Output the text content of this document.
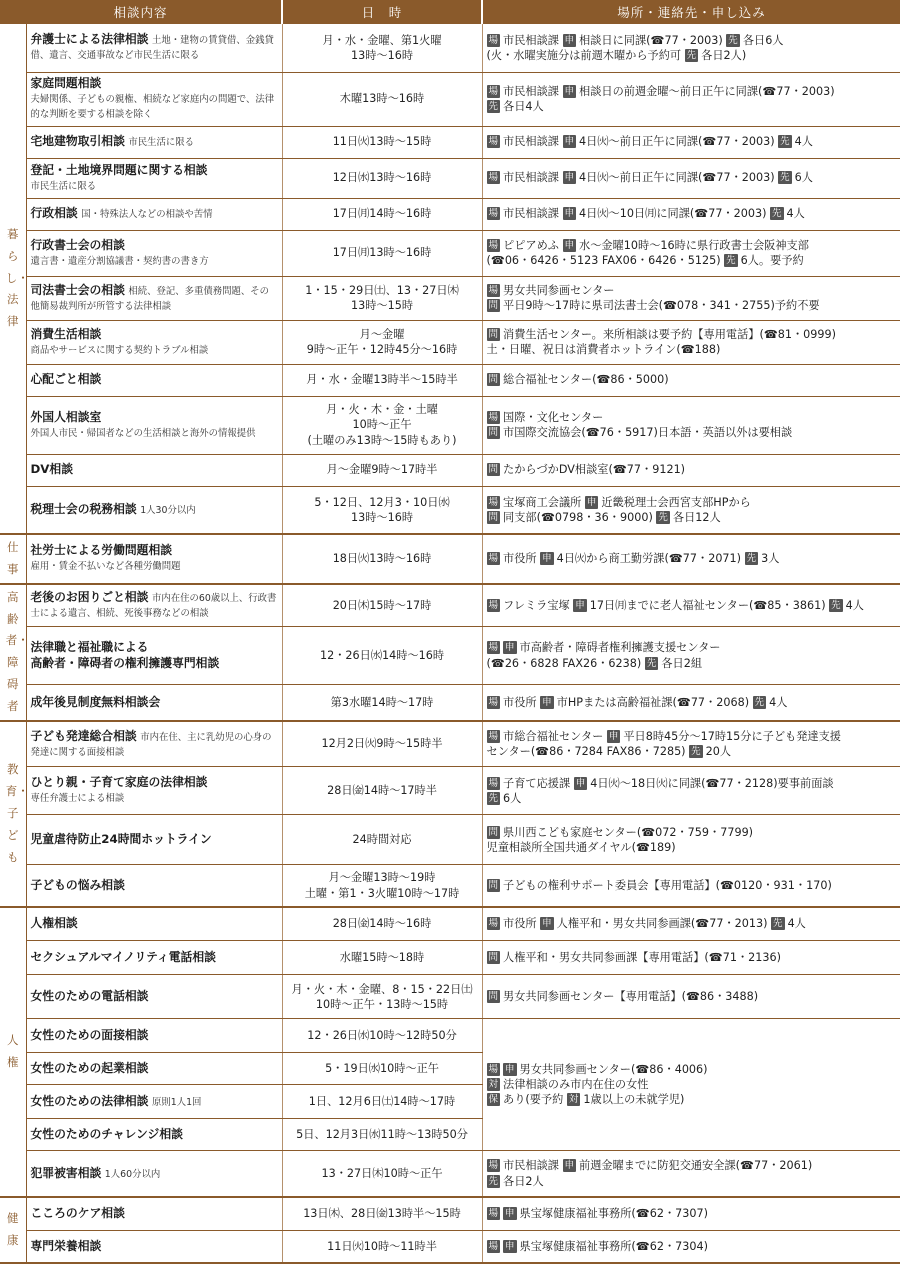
相談内容		日　時	場所・連絡先・申し込み
暮らし・法律	弁護士による法律相談 土地・建物の賃貸借、金銭貸借、遺言、交通事故など市民生活に限る	月・水・金曜、第1火曜
13時～16時	場 市民相談課 申 相談日に同課(☎77・2003) 先 各日6人
(火・水曜実施分は前週木曜から予約可 先 各日2人)

	家庭問題相談
夫婦関係、子どもの親権、相続など家庭内の問題で、法律的な判断を要する相談を除く	木曜13時～16時	場 市民相談課 申 相談日の前週金曜～前日正午に同課(☎77・2003)
先 各日4人

	宅地建物取引相談 市民生活に限る	11日㈫13時～15時	場 市民相談課 申 4日㈫～前日正午に同課(☎77・2003) 先 4人

	登記・土地境界問題に関する相談
市民生活に限る	12日㈬13時～16時	場 市民相談課 申 4日㈫～前日正午に同課(☎77・2003) 先 6人

	行政相談 国・特殊法人などの相談や苦情	17日㈪14時～16時	場 市民相談課 申 4日㈫～10日㈪に同課(☎77・2003) 先 4人

	行政書士会の相談
遺言書・遺産分割協議書・契約書の書き方	17日㈪13時～16時	場 ピピアめふ 申 水～金曜10時～16時に県行政書士会阪神支部
(☎06・6426・5123 FAX06・6426・5125) 先 6人。要予約

	司法書士会の相談 相続、登記、多重債務問題、その他簡易裁判所が所管する法律相談	1・15・29日㈯、13・27日㈭
13時～15時	場 男女共同参画センター
問 平日9時～17時に県司法書士会(☎078・341・2755)予約不要

	消費生活相談
商品やサービスに関する契約トラブル相談	月～金曜
9時～正午・12時45分～16時	問 消費生活センター。来所相談は要予約【専用電話】(☎81・0999)
土・日曜、祝日は消費者ホットライン(☎188)

	心配ごと相談	月・水・金曜13時半～15時半	問 総合福祉センター(☎86・5000)

	外国人相談室
外国人市民・帰国者などの生活相談と海外の情報提供	月・火・木・金・土曜
10時～正午
(土曜のみ13時～15時もあり)	場 国際・文化センター
問 市国際交流協会(☎76・5917)日本語・英語以外は要相談

	DV相談	月～金曜9時～17時半	問 たからづかDV相談室(☎77・9121)

	税理士会の税務相談 1人30分以内	5・12日、12月3・10日㈬
13時～16時	場 宝塚商工会議所 申 近畿税理士会西宮支部HPから
問 同支部(☎0798・36・9000) 先 各日12人

仕事	社労士による労働問題相談
雇用・賃金不払いなど各種労働問題	18日㈫13時～16時	場 市役所 申 4日㈫から商工勤労課(☎77・2071) 先 3人

高齢者・障碍者	老後のお困りごと相談 市内在住の60歳以上、行政書士による遺言、相続、死後事務などの相談	20日㈭15時～17時	場 フレミラ宝塚 申 17日㈪までに老人福祉センター(☎85・3861) 先 4人

	法律職と福祉職による
高齢者・障碍者の権利擁護専門相談	12・26日㈬14時～16時	場 申 市高齢者・障碍者権利擁護支援センター
(☎26・6828 FAX26・6238) 先 各日2組

	成年後見制度無料相談会	第3水曜14時～17時	場 市役所 申 市HPまたは高齢福祉課(☎77・2068) 先 4人

教育・子ども	子ども発達総合相談 市内在住、主に乳幼児の心身の発達に関する面接相談	12月2日㈫9時～15時半	場 市総合福祉センター 申 平日8時45分～17時15分に子ども発達支援
センター(☎86・7284 FAX86・7285) 先 20人

	ひとり親・子育て家庭の法律相談
専任弁護士による相談	28日㈮14時～17時半	場 子育て応援課 申 4日㈫～18日㈫に同課(☎77・2128)要事前面談
先 6人

	児童虐待防止24時間ホットライン	24時間対応	問 県川西こども家庭センター(☎072・759・7799)
児童相談所全国共通ダイヤル(☎189)

	子どもの悩み相談	月～金曜13時～19時
土曜・第1・3火曜10時～17時	問 子どもの権利サポート委員会【専用電話】(☎0120・931・170)

人権	人権相談	28日㈮14時～16時	場 市役所 申 人権平和・男女共同参画課(☎77・2013) 先 4人

	セクシュアルマイノリティ電話相談	水曜15時～18時	問 人権平和・男女共同参画課【専用電話】(☎71・2136)

	女性のための電話相談	月・火・木・金曜、8・15・22日㈯
10時～正午・13時～15時	問 男女共同参画センター【専用電話】(☎86・3488)

	女性のための面接相談	12・26日㈬10時～12時50分	場 申 男女共同参画センター(☎86・4006)
対 法律相談のみ市内在住の女性
保 あり(要予約 対 1歳以上の未就学児)

	女性のための起業相談	5・19日㈬10時～正午	
	女性のための法律相談 原則1人1回	1日、12月6日㈯14時～17時	
	女性のためのチャレンジ相談	5日、12月3日㈬11時～13時50分	
	犯罪被害相談 1人60分以内	13・27日㈭10時～正午	場 市民相談課 申 前週金曜までに防犯交通安全課(☎77・2061)
先 各日2人

健康	こころのケア相談	13日㈭、28日㈮13時半～15時	場 申 県宝塚健康福祉事務所(☎62・7307)

	専門栄養相談	11日㈫10時～11時半	場 申 県宝塚健康福祉事務所(☎62・7304)
